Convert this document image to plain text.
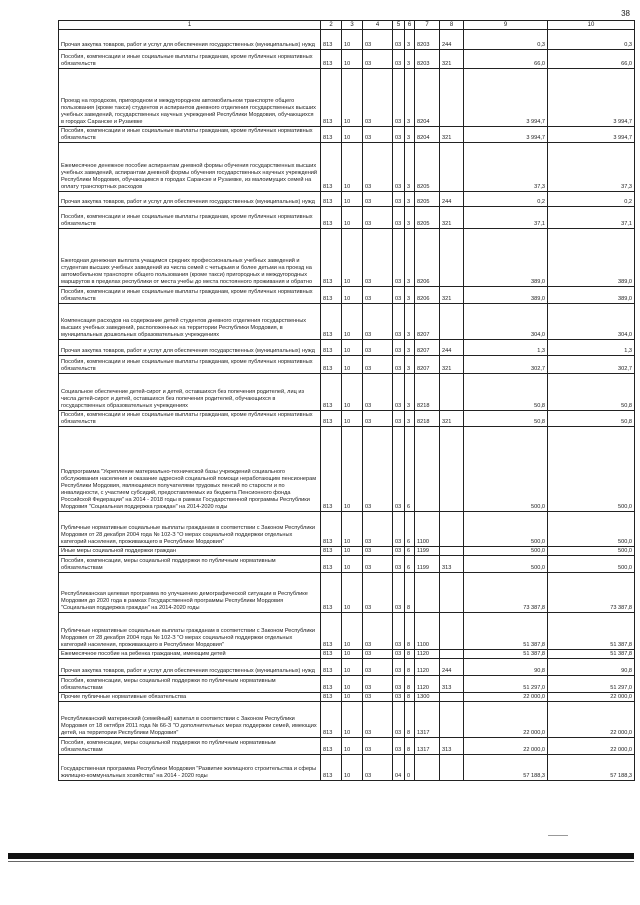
38
1	2	3	4	5	6	7	8	9	10
Прочая закупка товаров, работ и услуг для обеспечения государственных (муниципальных) нужд	813	10	03	03	3	8203	244	0,3	0,3
Пособия, компенсации и иные социальные выплаты гражданам, кроме публичных нормативных обязательств	813	10	03	03	3	8203	321	66,0	66,0
Проезд на городском, пригородном и междугородном автомобильном транспорте общего пользования (кроме такси) студентов и аспирантов дневного отделения государственных высших учебных заведений, государственных научных учреждений Республики Мордовия, обучающихся в городах Саранске и Рузаевке	813	10	03	03	3	8204		3 994,7	3 994,7
Пособия, компенсации и иные социальные выплаты гражданам, кроме публичных нормативных обязательств	813	10	03	03	3	8204	321	3 994,7	3 994,7
Ежемесячное денежное пособие аспирантам дневной формы обучения государственных высших учебных заведений, аспирантам дневной формы обучения государственных научных учреждений Республики Мордовия, обучающимся в городах Саранске и Рузаевке, из малоимущих семей на оплату транспортных расходов	813	10	03	03	3	8205		37,3	37,3
Прочая закупка товаров, работ и услуг для обеспечения государственных (муниципальных) нужд	813	10	03	03	3	8205	244	0,2	0,2
Пособия, компенсации и иные социальные выплаты гражданам, кроме публичных нормативных обязательств	813	10	03	03	3	8205	321	37,1	37,1
Ежегодная денежная выплата учащимся средних профессиональных учебных заведений и студентам высших учебных заведений из числа семей с четырьмя и более детьми на проезд на автомобильном транспорте общего пользования (кроме такси) пригородных и междугородных маршрутов в пределах республики от места учебы до места постоянного проживания и обратно	813	10	03	03	3	8206		389,0	389,0
Пособия, компенсации и иные социальные выплаты гражданам, кроме публичных нормативных обязательств	813	10	03	03	3	8206	321	389,0	389,0
Компенсация расходов на содержание детей студентов дневного отделения государственных высших учебных заведений, расположенных на территории Республики Мордовия, в муниципальных дошкольных образовательных учреждениях	813	10	03	03	3	8207		304,0	304,0
Прочая закупка товаров, работ и услуг для обеспечения государственных (муниципальных) нужд	813	10	03	03	3	8207	244	1,3	1,3
Пособия, компенсации и иные социальные выплаты гражданам, кроме публичных нормативных обязательств	813	10	03	03	3	8207	321	302,7	302,7
Социальное обеспечение детей-сирот и детей, оставшихся без попечения родителей, лиц из числа детей-сирот и детей, оставшихся без попечения родителей, обучающихся в государственных образовательных учреждениях	813	10	03	03	3	8218		50,8	50,8
Пособия, компенсации и иные социальные выплаты гражданам, кроме публичных нормативных обязательств	813	10	03	03	3	8218	321	50,8	50,8
Подпрограмма "Укрепление материально-технической базы учреждений социального обслуживания населения и оказание адресной социальной помощи неработающим пенсионерам Республики Мордовия, являющимся получателями трудовых пенсий по старости и по инвалидности, с участием субсидий, предоставляемых из бюджета Пенсионного фонда Российской Федерации" на 2014 - 2018 годы в рамках Государственной программы Республики Мордовия "Социальная поддержка граждан" на 2014-2020 годы	813	10	03	03	6			500,0	500,0
Публичные нормативные социальные выплаты гражданам в соответствии с Законом Республики Мордовия от 28 декабря 2004 года № 102-З "О мерах социальной поддержки отдельных категорий населения, проживающего в Республике Мордовия"	813	10	03	03	6	1100		500,0	500,0
Иные меры социальной поддержки граждан	813	10	03	03	6	1199		500,0	500,0
Пособия, компенсации, меры социальной поддержки по публичным нормативным обязательствам	813	10	03	03	6	1199	313	500,0	500,0
Республиканская целевая программа по улучшению демографической ситуации в Республике Мордовия до 2020 года в рамках Государственной программы Республики Мордовия "Социальная поддержка граждан" на 2014-2020 годы	813	10	03	03	8			73 387,8	73 387,8
Публичные нормативные социальные выплаты гражданам в соответствии с Законом Республики Мордовия от 28 декабря 2004 года № 102-З "О мерах социальной поддержки отдельных категорий населения, проживающего в Республике Мордовия"	813	10	03	03	8	1100		51 387,8	51 387,8
Ежемесячное пособие на ребенка гражданам, имеющим детей	813	10	03	03	8	1120		51 387,8	51 387,8
Прочая закупка товаров, работ и услуг для обеспечения государственных (муниципальных) нужд	813	10	03	03	8	1120	244	90,8	90,8
Пособия, компенсации, меры социальной поддержки по публичным нормативным обязательствам	813	10	03	03	8	1120	313	51 297,0	51 297,0
Прочие публичные нормативные обязательства	813	10	03	03	8	1300		22 000,0	22 000,0
Республиканский материнский (семейный) капитал в соответствии с Законом Республики Мордовия от 18 октября 2011 года № 66-З "О дополнительных мерах поддержки семей, имеющих детей, на территории Республики Мордовия"	813	10	03	03	8	1317		22 000,0	22 000,0
Пособия, компенсации, меры социальной поддержки по публичным нормативным обязательствам	813	10	03	03	8	1317	313	22 000,0	22 000,0
Государственная программа Республики Мордовия "Развитие жилищного строительства и сферы жилищно-коммунальных хозяйства" на 2014 - 2020 годы	813	10	03	04	0			57 188,3	57 188,3
